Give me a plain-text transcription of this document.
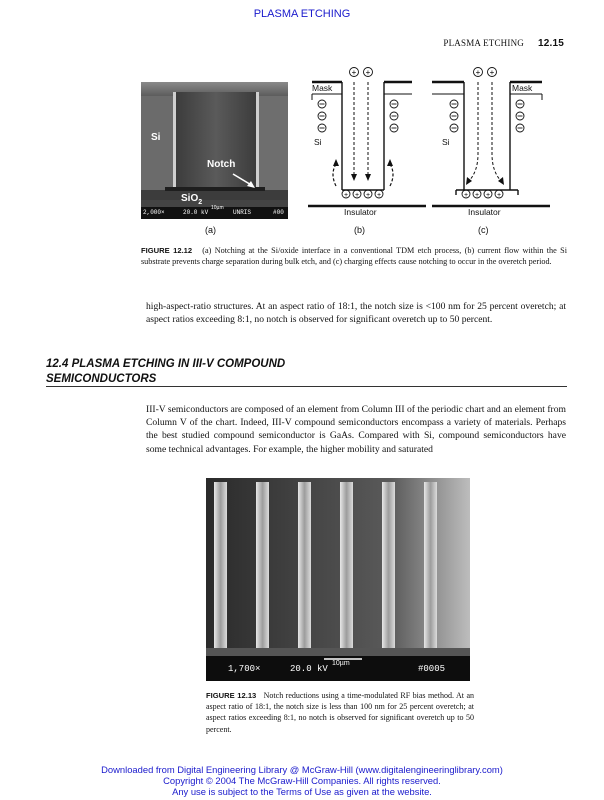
PLASMA ETCHING
PLASMA ETCHING 12.15
Si
Notch
SiO$_2$
2,000×	20.0 kV
10µm
UNRIS	#00
+ +
+ + + +
Mask
Si
Insulator
+ +
+ + + +
Mask
Si
Insulator
(a)	(b)	(c)
FIGURE 12.12 (a) Notching at the Si/oxide interface in a conventional TDM etch process, (b) current flow within the Si substrate prevents charge separation during bulk etch, and (c) charging effects cause notching to occur in the overetch period.
high-aspect-ratio structures. At an aspect ratio of 18:1, the notch size is <100 nm for 25 percent overetch; at aspect ratios exceeding 8:1, no notch is observed for significant overetch up to 50 percent.
12.4 PLASMA ETCHING IN III-V COMPOUND
SEMICONDUCTORS
III-V semiconductors are composed of an element from Column III of the periodic chart and an element from Column V of the chart. Indeed, III-V compound semiconductors encompass a variety of materials. Perhaps the best studied compound semiconductor is GaAs. Compared with Si, compound semiconductors have some technical advantages. For example, the higher mobility and saturated
1,700×	20.0 kV
10µm
#0005
FIGURE 12.13 Notch reductions using a time-modulated RF bias method. At an aspect ratio of 18:1, the notch size is less than 100 nm for 25 percent overetch; at aspect ratios exceeding 8:1, no notch is observed for significant overetch up to 50 percent.
Downloaded from Digital Engineering Library @ McGraw-Hill (www.digitalengineeringlibrary.com)
Copyright © 2004 The McGraw-Hill Companies. All rights reserved.
Any use is subject to the Terms of Use as given at the website.
